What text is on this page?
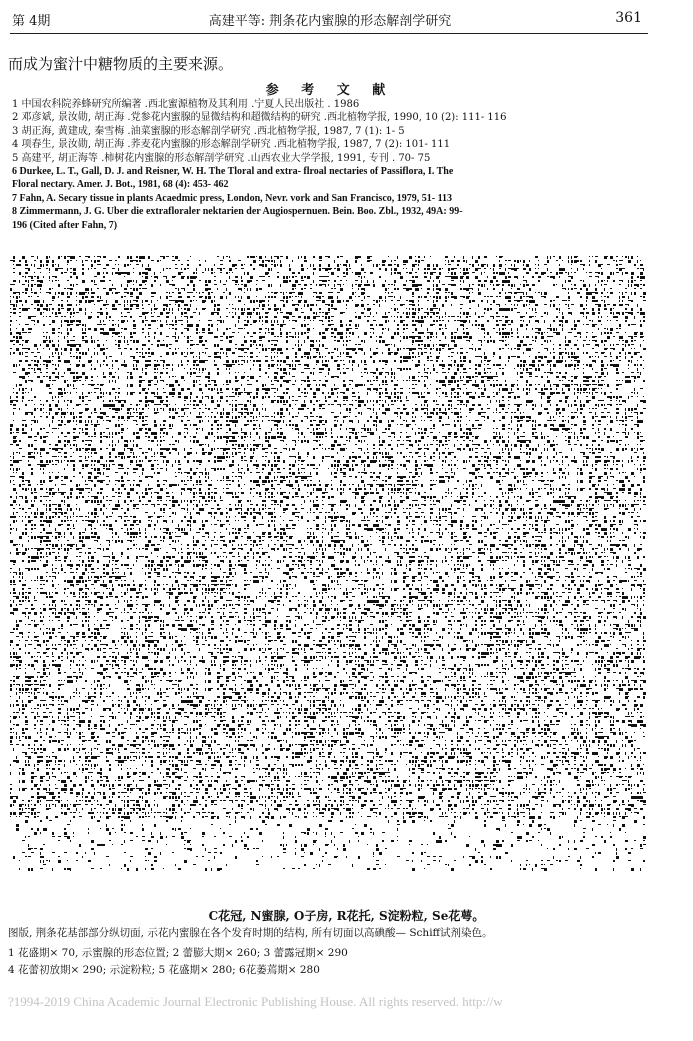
第 4期	高建平等: 荆条花内蜜腺的形态解剖学研究	361
而成为蜜汁中糖物质的主要来源。
参 考 文 献
1 中国农科院养蜂研究所编著 .西北蜜源植物及其利用 .宁夏人民出版社 . 1986
2 邓彦斌, 景汝勋, 胡正海 .党参花内蜜腺的显微结构和超微结构的研究 .西北植物学报, 1990, 10 (2): 111- 116
3 胡正海, 黄建成, 秦雪梅 .油菜蜜腺的形态解剖学研究 .西北植物学报, 1987, 7 (1): 1- 5
4 项春生, 景汝勋, 胡正海 .荞麦花内蜜腺的形态解剖学研究 .西北植物学报, 1987, 7 (2): 101- 111
5 高建平, 胡正海等 .柿树花内蜜腺的形态解剖学研究 .山西农业大学学报, 1991, 专刊 . 70- 75
6 Durkee, L. T., Gall, D. J. and Reisner, W. H. The Tloral and extra- flroal nectaries of Passiflora, I. The
Floral nectary. Amer. J. Bot., 1981, 68 (4): 453- 462
7 Fahn, A. Secary tissue in plants Acaedmic press, London, Nevr. vork and San Francisco, 1979, 51- 113
8 Zimmermann, J. G. Uber die extrafloraler nektarien der Augiospernuen. Bein. Boo. Zbl., 1932, 49A: 99-
196 (Cited after Fahn, 7)
C花冠, N蜜腺, O子房, R花托, S淀粉粒, Se花萼。
图版, 荆条花基部部分纵切面, 示花内蜜腺在各个发育时期的结构, 所有切面以高碘酸— Schiff试剂染色。
1 花盛期× 70, 示蜜腺的形态位置; 2 蕾膨大期× 260; 3 蕾露冠期× 290
4 花蕾初放期× 290; 示淀粉粒; 5 花盛期× 280; 6花萎蔫期× 280
?1994-2019 China Academic Journal Electronic Publishing House. All rights reserved. http://w
